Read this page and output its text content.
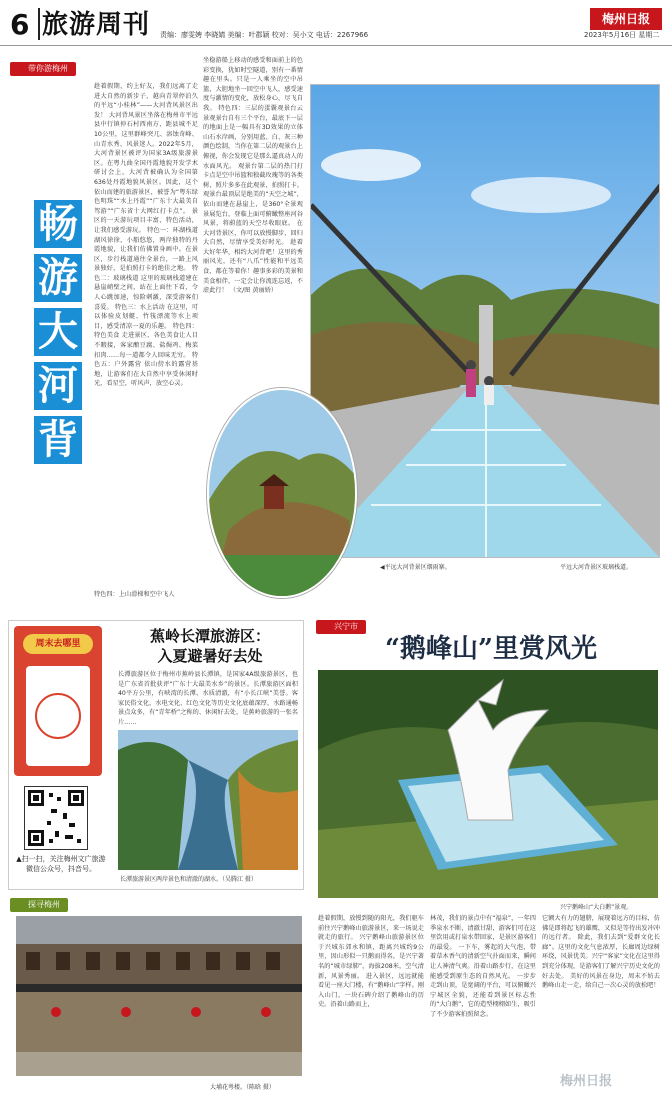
6 旅游周刊 责编：廖雯娉 李晓婧 美编：叶郡颖 校对：吴小文 电话：2267966
梅州日报
2023年5月16日 星期二
带你游梅州
畅
游
大
河
背
趁着假期，约上好友，我们远离了走进大自然的新步子，越向青翠停泊久的平远“小桂林”——大河背风景区出发！ 大河背风景区坐落在梅州市平远县中行镇仲石村西南方，距县城不足10公里，这里群峰突兀、溶蚀奇峰、山青水秀、风景迷人。2022年5月，大河背景区被评为国家3A级旅游景区。在粤九曲全国丹霞地貌开发学术研讨会上，大河背被确认为全国第636处丹霞地貌风景区。因此，这个依山而建的旅游景区，被誉为“粤东绿色明珠”“水上丹霞”“广东十大最美自驾游”“广东省十大网红打卡点”。 景区的一天游玩项目丰富，特色活动，让我们感受游玩。 特色一：环湖栈道 湖风徐徐，小船悠悠，两岸独特的丹霞地貌，让我们仿佛置身画中。在景区，步行栈道通往全景台，一路上风景独好，是拍照打卡的绝佳之地。 特色二：玻璃栈道 这里的玻璃栈道建在悬崖峭壁之间，站在上面往下看，令人心跳加速，惊险刺激，深受游客们喜爱。 特色三：水上活动 在这里，可以体验皮划艇、竹筏漂流等水上项目，感受清凉一夏的乐趣。 特色四：特色美食 走进景区，各色美食让人目不暇接，客家酿豆腐、盐焗鸡、梅菜扣肉……每一道都令人回味无穷。 特色五：户外露营 依山傍水的露营基地，让游客们在大自然中享受休闲时光，看星空，听风声，放空心灵。
坐稳游船上移动的感受和面前上的色彩变换，犹如时空隧道，别有一番情趣在里头。只是一人乘坐的空中吊篮，大胆地坐一回空中飞人，感受速度与激情的变化，放松身心，尽飞自我。 特色四：三层的蛋囊观景台云景观景台自有三个平台，最底下一层的地面上是一幅具有3D效果的立体山石水岸画，分别用蓝、白、灰三种颜色绘制，当你在第二层的观景台上俯视，你会发现它是那么逼真动人的水面风光。 观景台第二层的热门打卡点是空中吊篮和独截玫瑰等的各类树，照片多多在此观景，拍照打卡。 观景台最顶层是绝美的“天空之城”，依山而建在悬崖上，是360°全景观景展览台，登临上面可俯瞰整座河谷风景，将蔚蓝的天空尽收眼底。 在大河背景区，你可以放慢脚步，回归大自然，尽情享受美好时光。 趁着大好年华，相约大河背吧！这里的秀丽风光，还有“八爪”性能和平远美食，都在等着你！趣事多彩的美景和美食相伴，一定会让你流连忘返，不虚此行！ （文/图 黄丽娇）
◀平远大河背景区烟雨寨。	平远大河背景区玻璃栈道。
特色四：上山滑梯和空中飞人
周末去哪里
▲扫一扫，关注梅州文广旅游微信公众号，抖音号。
蕉岭长潭旅游区：
入夏避暑好去处
长潭旅游区位于梅州市蕉岭县长潭镇，是国家4A级旅游景区，也是广东省首批获评“广东十大最美水乡”的景区。长潭旅游区面积40平方公里，有峡湾的长潭、水质清澈，有“小长江峡”美誉。客家民俗文化、水电文化、红色文化等历史文化底蕴深厚，水路通畅景点众多，有“青年桥”之称的、休闲好去处，是蕉岭旅游的一张名片……
长潭旅游景区两岸景色和清澈的湖水。（吴腾江 摄）
兴宁市
“鹅峰山”里赏风光
兴宁鹅峰山“大白鹅”景观。
趁着假期，放慢到随的阳光，我们驱车前往兴宁鹅峰山旅游景区，来一场说走就走的旅行。 兴宁鹅峰山旅游景区位于兴城东郊永和镇，距离兴城约9公里，因山形似一只鹅而得名，是兴宁著名的“城市绿肺”，海拔208米，空气清新，风景秀丽。 进入景区，远远就能看见一座大门楼，有“鹅峰山”字样。刚入山门，一块石碑介绍了鹅峰山的历史。沿着山路而上，
林茂，我们的景点中有“福泉”，一年四季泉水不断，清澈甘甜，游客们可在这里饮用或打泉水带回家，是景区游客们的最爱。 一下车，雾起的大气泡，带着草木香气的清新空气扑面而来，瞬间让人神清气爽。沿着山路步行，在这里能感受到原生态的自然风光。 一步步走到山顶，是宽阔的平台，可以俯瞰兴宁城区全貌，还能看到景区标志性的“大白鹅”，它的造型栩栩如生，吸引了不少游客拍照留念。
它额大有力的翅膀，展现着远方的目标，仿佛是即将起飞的雄鹰，又似是等待出发冲冲的远行者。 除此，我们去到“爱群文化长廊”。这里的文化气息浓厚，长廊周边绿树环绕，风景优美。兴宁“客家”文化在这里得到充分体现，是游客们了解兴宁历史文化的好去处。 美好的风景在身边，周末不妨去鹅峰山走一走，给自己一次心灵的放松吧！
梅州日报
探寻梅州
大埔花萼楼。（陈晗 摄）
